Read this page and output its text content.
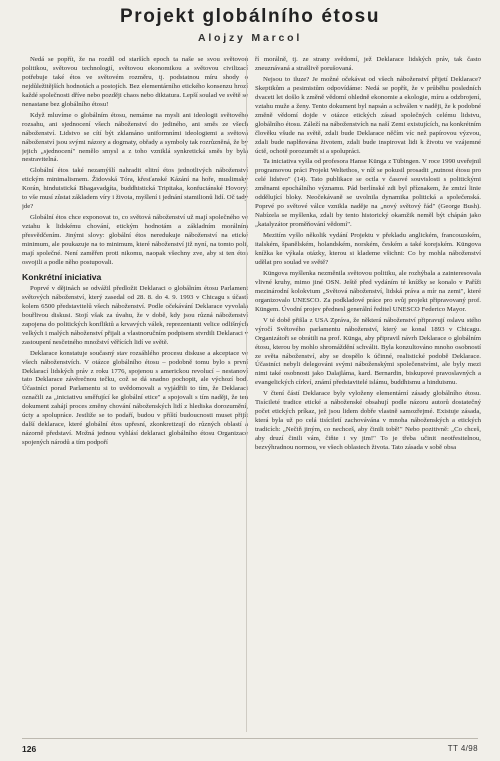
Projekt globálního étosu
Alojzy Marcol

Nedá se popřít, že na rozdíl od starších epoch ta naše se svou světovou politikou, světovou technologií, světovou ekonomikou a světovou civilizací potřebuje také étos ve světovém rozměru, tj. podstatnou míru shody o nejdůležitějších hodnotách a postojích. Bez elementárního etického konsenzu hrozí každé společnosti dříve nebo později chaos nebo diktatura. Lepší soulad ve světě se nenastane bez globálního étosu!

Když mluvíme o globálním étosu, nemáme na mysli ani ideologii světového rozsahu, ani sjednocení všech náboženství do jediného, ani směs ze všech náboženství. Lidstvo se cítí být zklamáno uniformními ideologiemi a světová náboženství jsou svými názory a dogmaty, obřady a symboly tak rozrůzněná, že by jejich „sjednocení" nemělo smysl a z toho vzniklá synkretická směs by byla nestravitelná.

Globální étos také nezamýšlí nahradit elitní étos jednotlivých náboženství etickým minimalismem. Židovská Tóra, křesťanské Kázání na hoře, muslimský Korán, hinduistická Bhagavadgíta, buddhistická Tripitaka, konfuciánské Hovory: to vše musí zůstat základem víry i života, myšlení i jednání stamilionů lidí. Oč tady jde?

Globální étos chce exponovat to, co světová náboženství už mají společného ve vztahu k lidskému chování, etickým hodnotám a základním morálním přesvědčením. Jinými slovy: globální étos neredukuje náboženství na etické minimum, ale poukazuje na to minimum, které náboženství již nyní, na tomto poli, mají společné. Není zaměřen proti nikomu, naopak všechny zve, aby si ten étos osvojili a podle něho postupovali.

Konkrétní iniciativa

Poprvé v dějinách se odvážil předložit Deklaraci o globálním étosu Parlament světových náboženství, který zasedal od 28. 8. do 4. 9. 1993 v Chicagu s účastí kolem 6500 představitelů všech náboženství. Podle očekávání Deklarace vyvolala bouřlivou diskusi. Stojí však za úvahu, že v době, kdy jsou různá náboženství zapojena do politických konfliktů a krvavých válek, reprezentanti velice odlišných velkých i malých náboženství přijali a vlastnoručním podpisem stvrdili Deklaraci v zastoupení nesčetného množství věřících lidí ve světě.

Deklarace konstatuje současný stav rozsáhlého procesu diskuse a akceptace ve všech náboženstvích. V otázce globálního étosu – podobně tomu bylo s první Deklarací lidských práv z roku 1776, spojenou s americkou revolucí – nestanoví tato Deklarace závěrečnou tečku, což se dá snadno pochopit, ale výchozí bod. Účastníci porad Parlamentu si to uvědomovali a vyjádřili to tím, že Deklaraci označili za „iniciativu směřující ke globální etice" a spojovali s tím naději, že ten dokument zahájí proces změny chování náboženských lidí z hlediska dorozumění, úcty a spolupráce. Jestliže se to podaří, budou v příští budoucnosti muset přijít další deklarace, které globální étos upřesní, zkonkretizují do různých oblastí a názorně představí. Možná jednou vyhlásí deklaraci globálního étosu Organizace spojených národů a tím podpoří

ří morálně, tj. ze strany svědomí, jež Deklarace lidských práv, tak často zneuznávaná a strašlivě porušovaná.

Nejsou to iluze? Je možné očekávat od všech náboženství přijetí Deklarace? Skeptikům a pesimistům odpovídáme: Nedá se popřít, že v průběhu posledních dvaceti let došlo k změně vědomí ohledně ekonomie a ekologie, míru a odzbrojení, vztahu muže a ženy. Tento dokument byl napsán a schválen v naději, že k podobné změně vědomí dojde v otázce etických zásad společných celému lidstvu, globálního étosu. Záleží na náboženstvích na naší Zemi existujících, na konkrétním člověku všude na světě, zdali bude Deklarace něčím víc než papírovou výzvou, zdali bude naplňována životem, zdali bude inspirovat lidi k životu ve vzájemné úctě, ochotě porozumět si a spolupráci.

Ta iniciativa vyšla od profesora Hanse Künga z Tübingen. V roce 1990 uveřejnil programovou práci Projekt Weltethos, v níž se pokusil prosadit „nutnost étosu pro celé lidstvo" (14). Tato publikace se octla v časové souvislosti s politickými změnami epochálního významu. Pád berlínské zdi byl příznakem, že zmizí linie oddělující bloky. Neočekávaně se uvolnila dynamika politická a společenská. Poprvé po světové válce vznikla naděje na „nový světový řád" (George Bush). Nabízela se myšlenka, zdali by tento historický okamžik neměl být chápán jako „katalyzátor proměňování vědomí".

Mezitím vyšlo několik vydání Projektu v překladu anglickém, francouzském, italském, španělském, holandském, norském, českém a také korejském. Küngova knížka ke výkala otázky, kterou si klademe všichni: Co by mohla náboženství udělat pro soulad ve světě?

Küngova myšlenka nezměnila světovou politiku, ale rozhýbala a zainteresovala vlivné kruhy, mimo jiné OSN. Ještě před vydáním té knížky se konalo v Paříži mezinárodní kolokvium „Světová náboženství, lidská práva a mír na zemi", které organizovalo UNESCO. Za podkladové práce pro svůj projekt připravovaný prof. Küngem. Úvodní projev přednesl generální ředitel UNESCO Federico Mayor.

V té době přišla z USA Zpráva, že některá náboženství připravují oslavu stého výročí Světového parlamentu náboženství, který se konal 1893 v Chicagu. Organizátoři se obrátili na prof. Künga, aby připravil návrh Deklarace o globálním étosu, kterou by mohlo shromáždění schválit. Byla konzultováno mnoho osobností ze světa náboženství, aby se dospělo k účinné, realistické podobě Deklarace. Účastníci nebyli delegováni svými náboženskými společenstvími, ale byly mezi nimi také osobnosti jako Dalajláma, kard. Bernardin, biskupové pravoslavných a evangelických církví, známí představitelé islámu, buddhismu a hinduismu.

V čtení částí Deklarace byly vyloženy elementární zásady globálního étosu. Tisícileté tradice etické a náboženské obsahují podle názoru autorů dostatečný počet etických príkaz, jež jsou lidem dobře vlastně samozřejmé. Existuje zásada, která byla už po celá tisíciletí zachovávána v mnoha náboženských a etických tradicích: „Nečiň jiným, co nechceš, aby činili tobě!" Nebo pozitivně: „Co chceš, aby druzí činili vám, čiňte i vy jim!" To je třeba učinit neotřesitelnou, bezvýhradnou normou, ve všech oblastech života. Tato zásada v sobě obsa

126	TT 4/98
